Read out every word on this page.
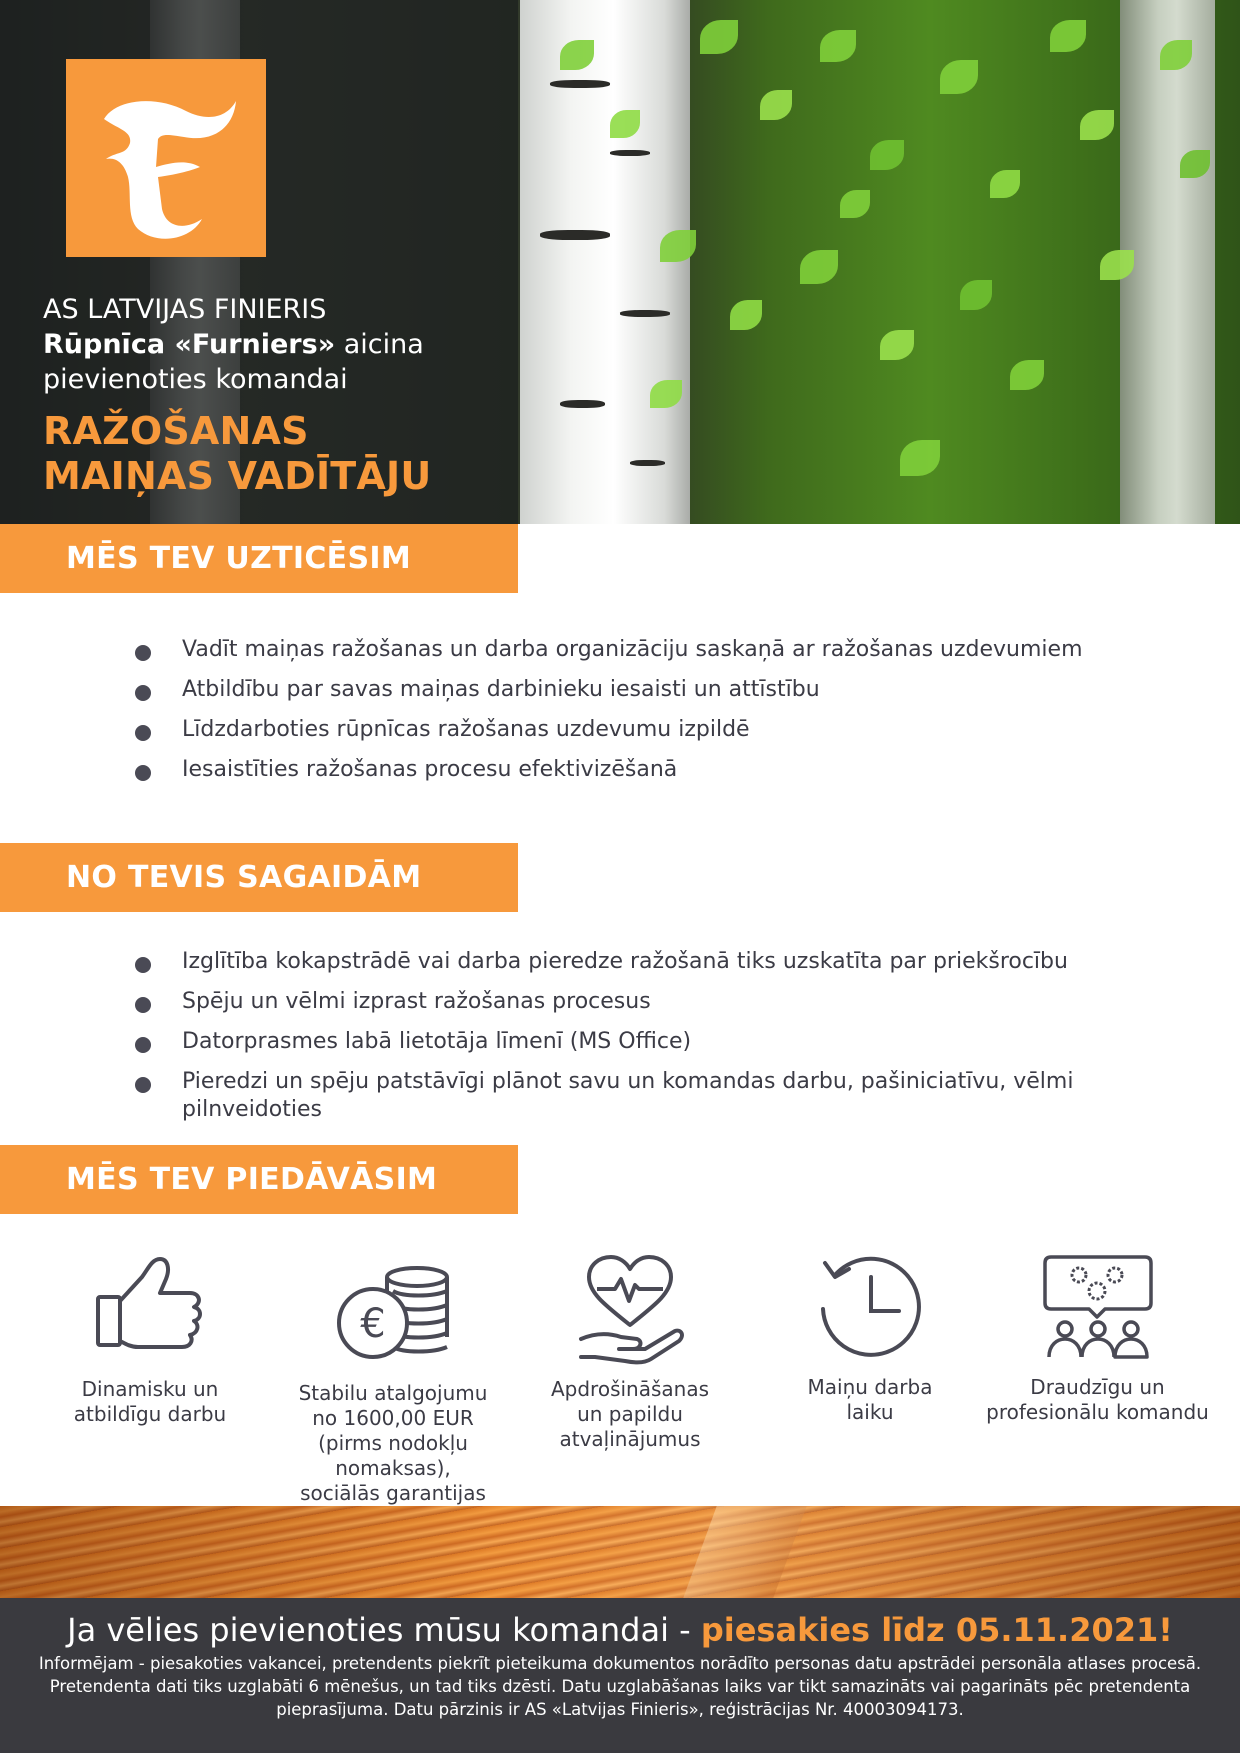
AS LATVIJAS FINIERIS
Rūpnīca «Furniers» aicina
pievienoties komandai
RAŽOŠANAS
MAIŅAS VADĪTĀJU
MĒS TEV UZTICĒSIM
Vadīt maiņas ražošanas un darba organizāciju saskaņā ar ražošanas uzdevumiem
Atbildību par savas maiņas darbinieku iesaisti un attīstību
Līdzdarboties rūpnīcas ražošanas uzdevumu izpildē
Iesaistīties ražošanas procesu efektivizēšanā
NO TEVIS SAGAIDĀM
Izglītība kokapstrādē vai darba pieredze ražošanā tiks uzskatīta par priekšrocību
Spēju un vēlmi izprast ražošanas procesus
Datorprasmes labā lietotāja līmenī (MS Office)
Pieredzi un spēju patstāvīgi plānot savu un komandas darbu, pašiniciatīvu, vēlmi pilnveidoties
MĒS TEV PIEDĀVĀSIM
Dinamisku un
atbildīgu darbu
€
Stabilu atalgojumu
no 1600,00 EUR
(pirms nodokļu
nomaksas),
sociālās garantijas
Apdrošināšanas
un papildu
atvaļinājumus
Maiņu darba
laiku
Draudzīgu un
profesionālu komandu
Ja vēlies pievienoties mūsu komandai - piesakies līdz 05.11.2021!
Informējam - piesakoties vakancei, pretendents piekrīt pieteikuma dokumentos norādīto personas datu apstrādei personāla atlases procesā.
Pretendenta dati tiks uzglabāti 6 mēnešus, un tad tiks dzēsti. Datu uzglabāšanas laiks var tikt samazināts vai pagarināts pēc pretendenta
pieprasījuma. Datu pārzinis ir AS «Latvijas Finieris», reģistrācijas Nr. 40003094173.
